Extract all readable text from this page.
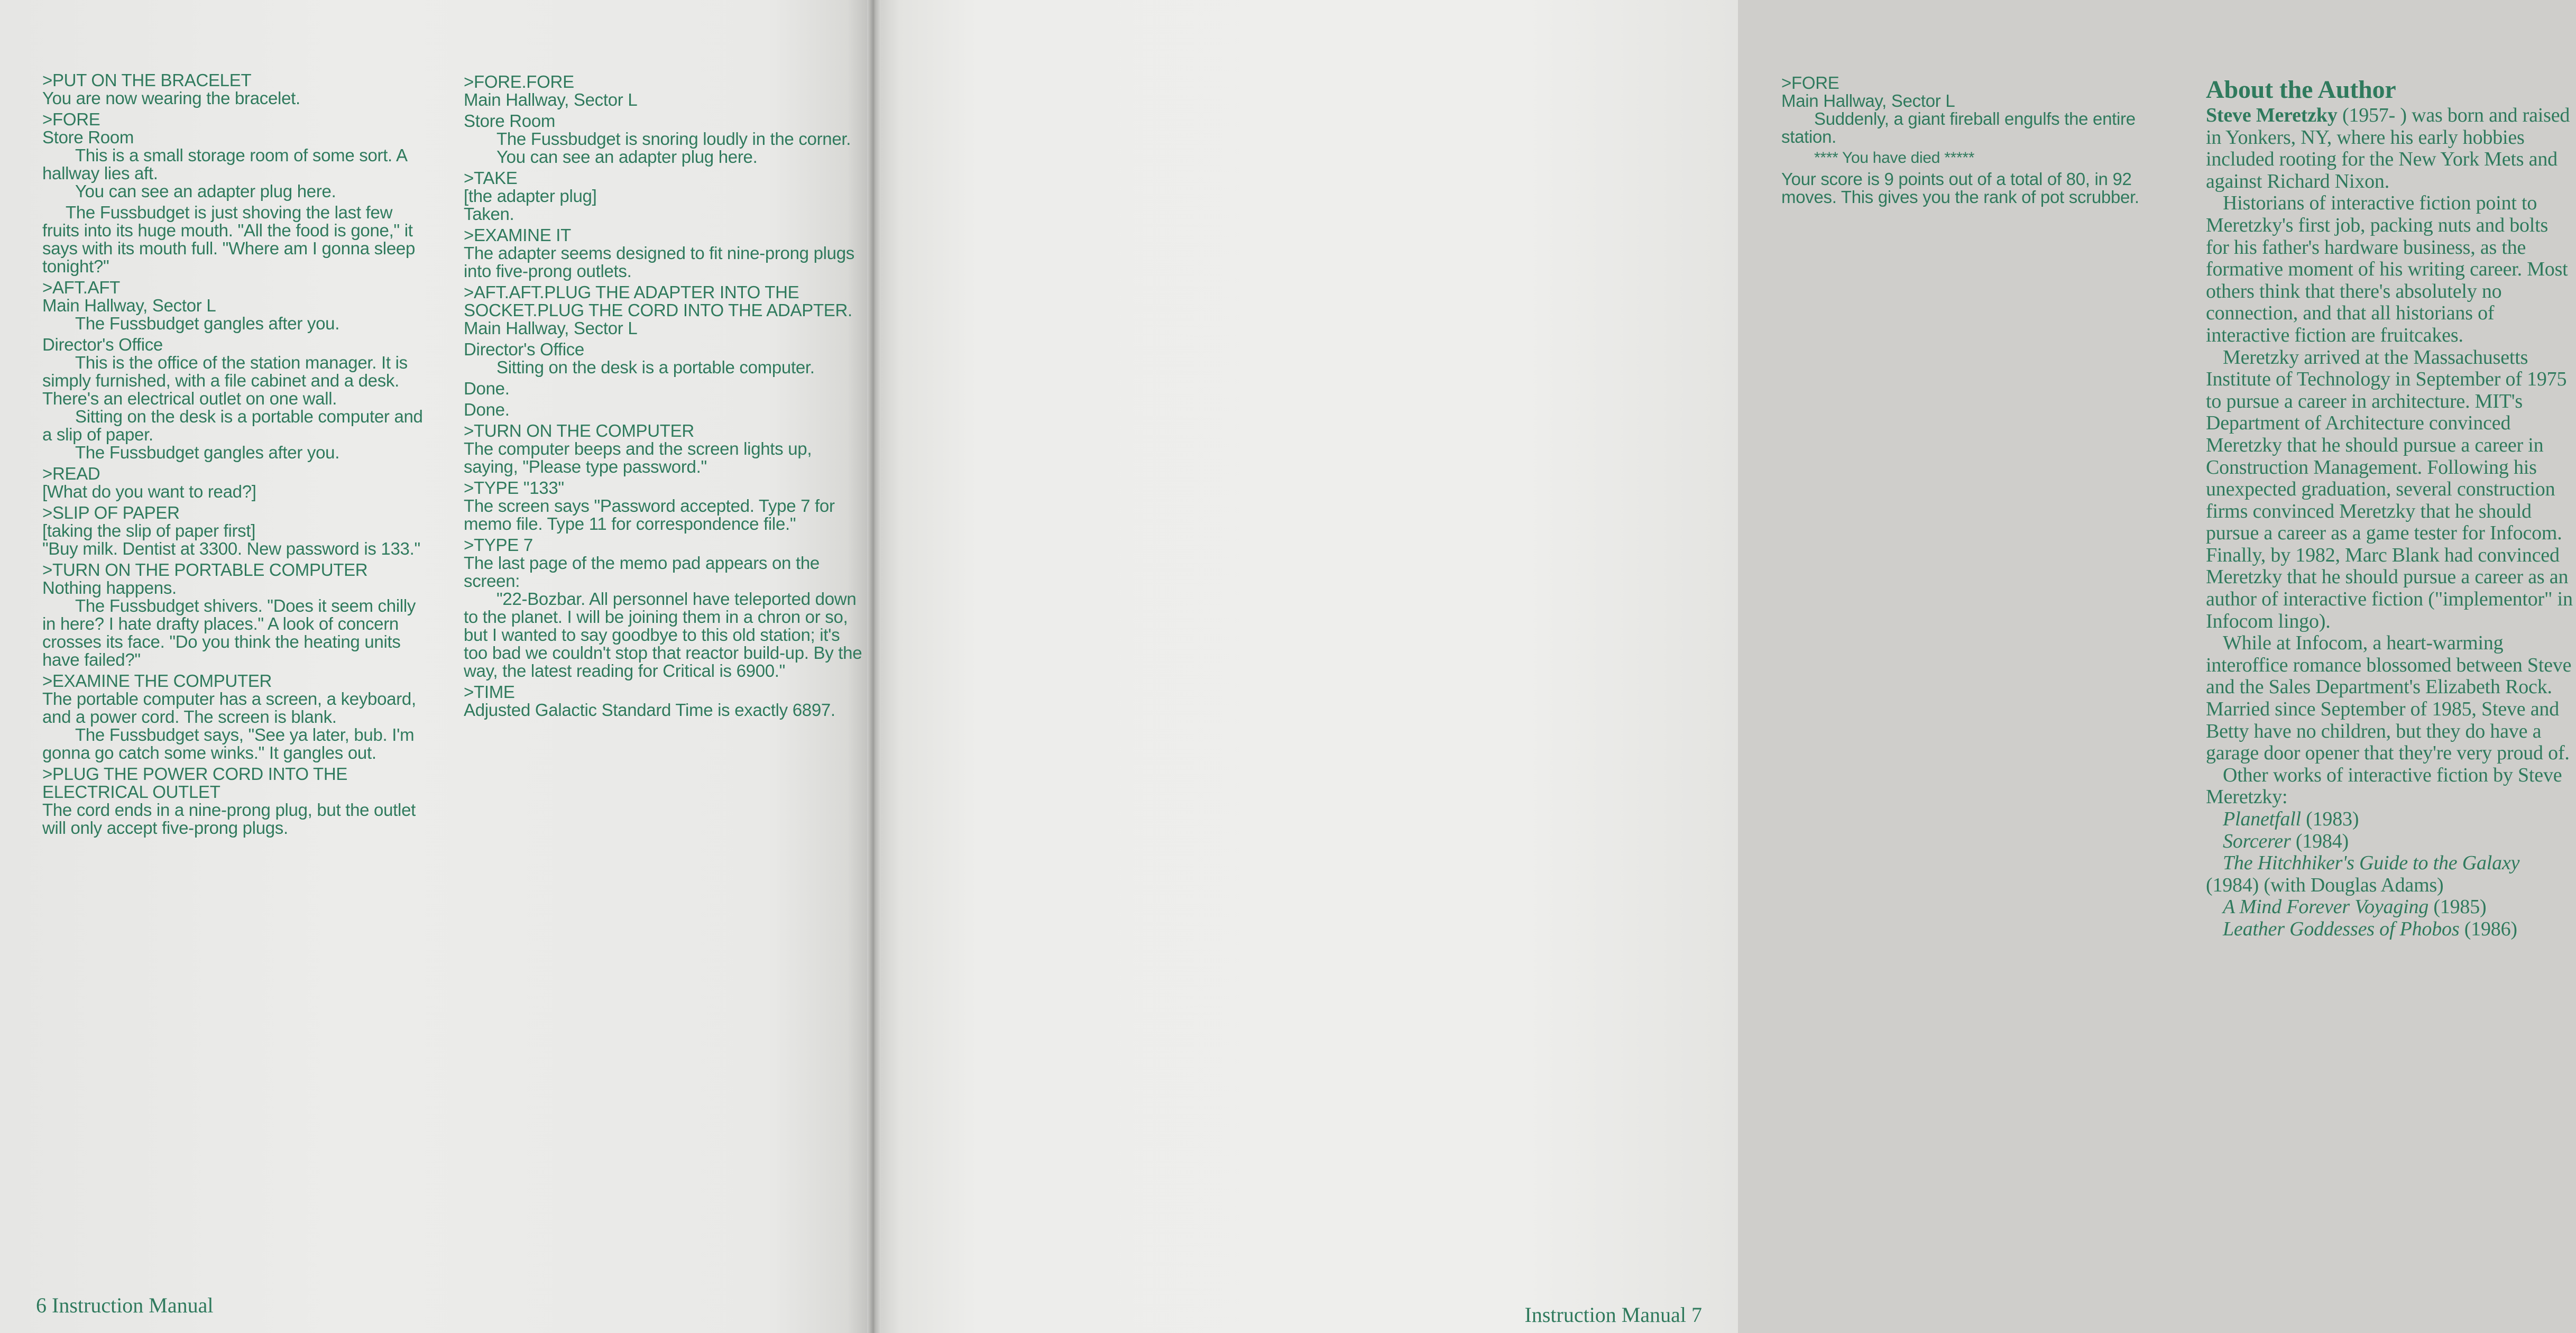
>PUT ON THE BRACELET

You are now wearing the bracelet.

>FORE

Store Room

This is a small storage room of some sort. A hallway lies aft.

You can see an adapter plug here.

The Fussbudget is just shoving the last few fruits into its huge mouth. "All the food is gone," it says with its mouth full. "Where am I gonna sleep tonight?"

>AFT.AFT

Main Hallway, Sector L

The Fussbudget gangles after you.

Director's Office

This is the office of the station manager. It is simply furnished, with a file cabinet and a desk. There's an electrical outlet on one wall.

Sitting on the desk is a portable computer and a slip of paper.

The Fussbudget gangles after you.

>READ

[What do you want to read?]

>SLIP OF PAPER

[taking the slip of paper first]

"Buy milk. Dentist at 3300. New password is 133."

>TURN ON THE PORTABLE COMPUTER

Nothing happens.

The Fussbudget shivers. "Does it seem chilly in here? I hate drafty places." A look of concern crosses its face. "Do you think the heating units have failed?"

>EXAMINE THE COMPUTER

The portable computer has a screen, a keyboard, and a power cord. The screen is blank.

The Fussbudget says, "See ya later, bub. I'm gonna go catch some winks." It gangles out.

>PLUG THE POWER CORD INTO THE ELECTRICAL OUTLET

The cord ends in a nine-prong plug, but the outlet will only accept five-prong plugs.

>FORE.FORE

Main Hallway, Sector L

Store Room

The Fussbudget is snoring loudly in the corner.

You can see an adapter plug here.

>TAKE

[the adapter plug]

Taken.

>EXAMINE IT

The adapter seems designed to fit nine-prong plugs into five-prong outlets.

>AFT.AFT.PLUG THE ADAPTER INTO THE SOCKET.PLUG THE CORD INTO THE ADAPTER.

Main Hallway, Sector L

Director's Office

Sitting on the desk is a portable computer.

Done.

Done.

>TURN ON THE COMPUTER

The computer beeps and the screen lights up, saying, "Please type password."

>TYPE "133"

The screen says "Password accepted. Type 7 for memo file. Type 11 for correspondence file."

>TYPE 7

The last page of the memo pad appears on the screen:

"22-Bozbar. All personnel have teleported down to the planet. I will be joining them in a chron or so, but I wanted to say goodbye to this old station; it's too bad we couldn't stop that reactor build-up. By the way, the latest reading for Critical is 6900."

>TIME

Adjusted Galactic Standard Time is exactly 6897.

6 Instruction Manual

>FORE

Main Hallway, Sector L

Suddenly, a giant fireball engulfs the entire station.

**** You have died *****

Your score is 9 points out of a total of 80, in 92 moves. This gives you the rank of pot scrubber.

About the Author

Steve Meretzky (1957- ) was born and raised in Yonkers, NY, where his early hobbies included rooting for the New York Mets and against Richard Nixon.

Historians of interactive fiction point to Meretzky's first job, packing nuts and bolts for his father's hardware business, as the formative moment of his writing career. Most others think that there's absolutely no connection, and that all historians of interactive fiction are fruitcakes.

Meretzky arrived at the Massachusetts Institute of Technology in September of 1975 to pursue a career in architecture. MIT's Department of Architecture convinced Meretzky that he should pursue a career in Construction Management. Following his unexpected graduation, several construction firms convinced Meretzky that he should pursue a career as a game tester for Infocom. Finally, by 1982, Marc Blank had convinced Meretzky that he should pursue a career as an author of interactive fiction ("implementor" in Infocom lingo).

While at Infocom, a heart-warming interoffice romance blossomed between Steve and the Sales Department's Elizabeth Rock. Married since September of 1985, Steve and Betty have no children, but they do have a garage door opener that they're very proud of.

Other works of interactive fiction by Steve Meretzky:

Planetfall (1983)

Sorcerer (1984)

The Hitchhiker's Guide to the Galaxy (1984) (with Douglas Adams)

A Mind Forever Voyaging (1985)

Leather Goddesses of Phobos (1986)

Instruction Manual 7
